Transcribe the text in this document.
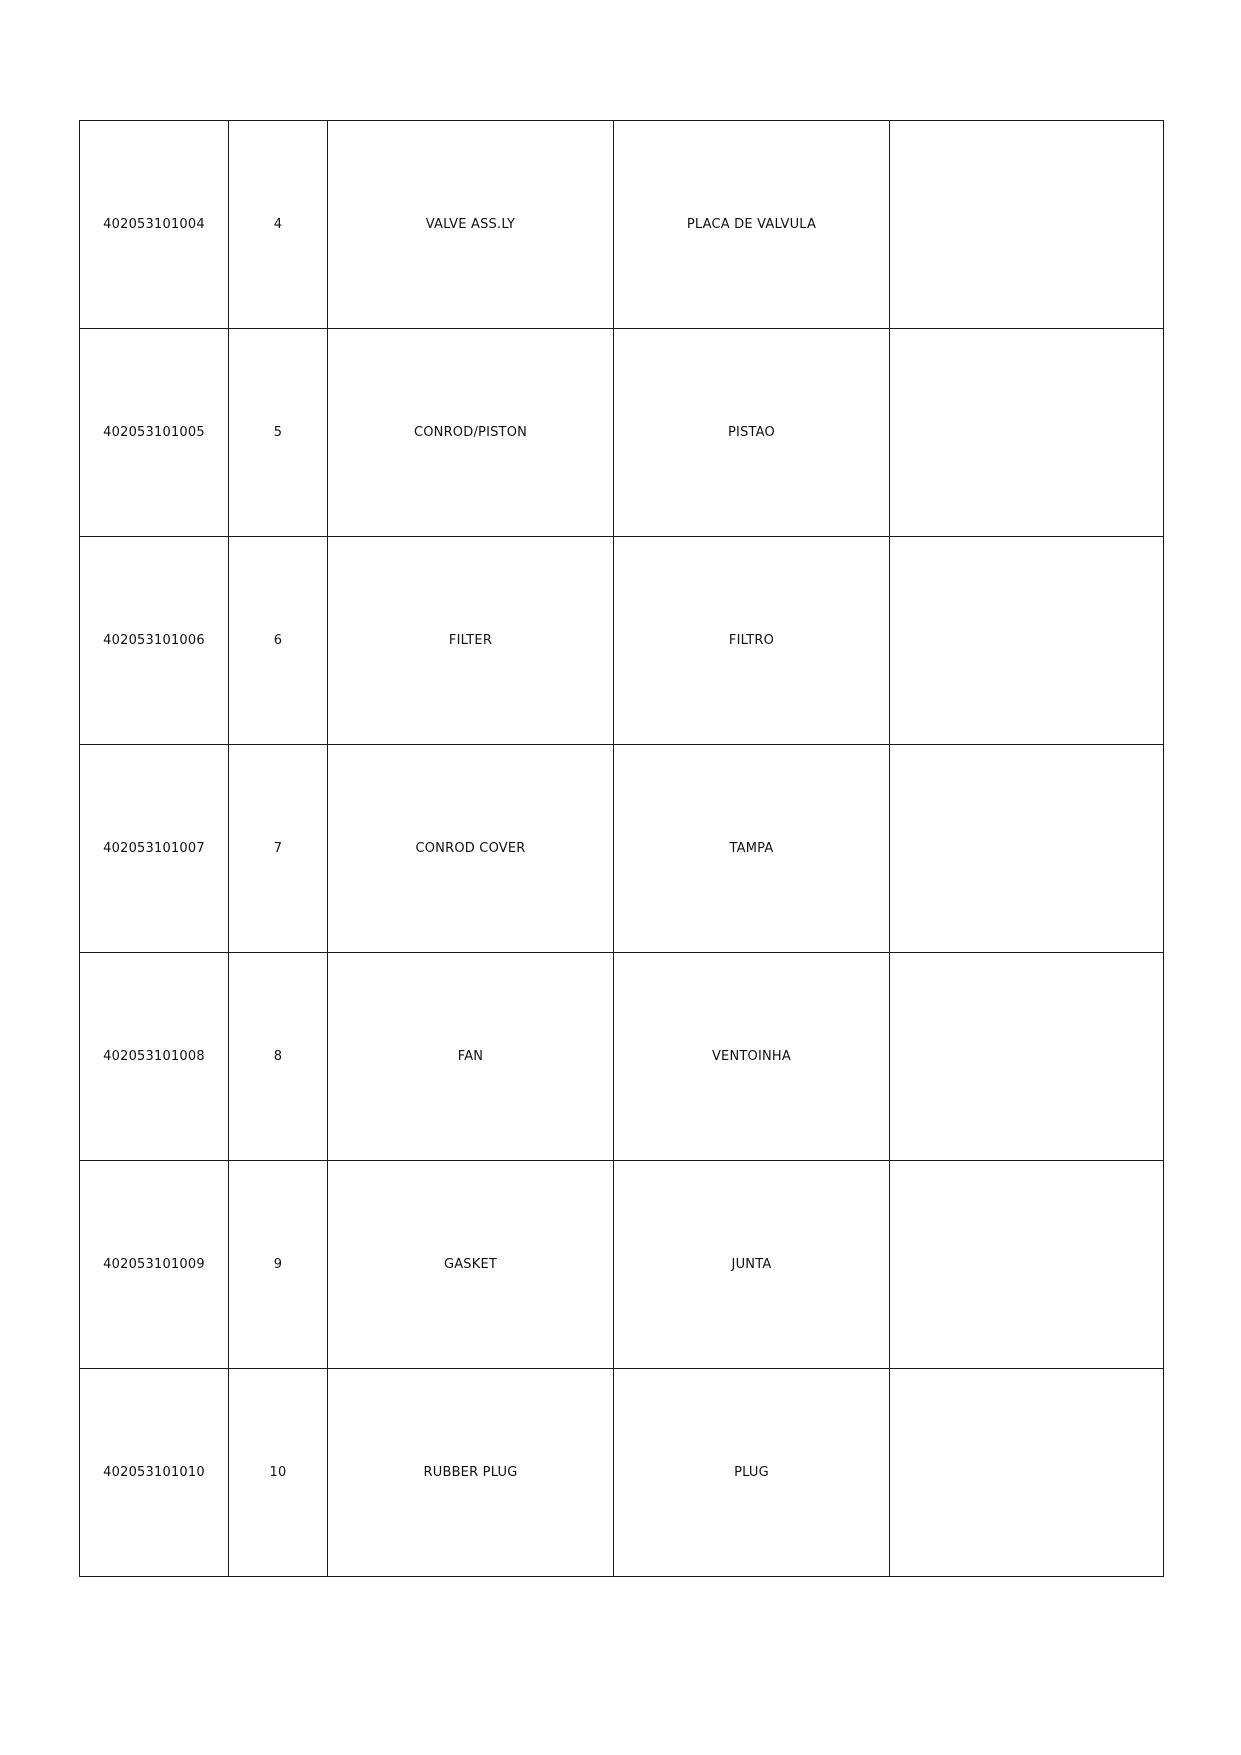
402053101004	4	VALVE ASS.LY	PLACA DE VALVULA	
402053101005	5	CONROD/PISTON	PISTAO	
402053101006	6	FILTER	FILTRO	
402053101007	7	CONROD COVER	TAMPA	
402053101008	8	FAN	VENTOINHA	
402053101009	9	GASKET	JUNTA	
402053101010	10	RUBBER PLUG	PLUG	
